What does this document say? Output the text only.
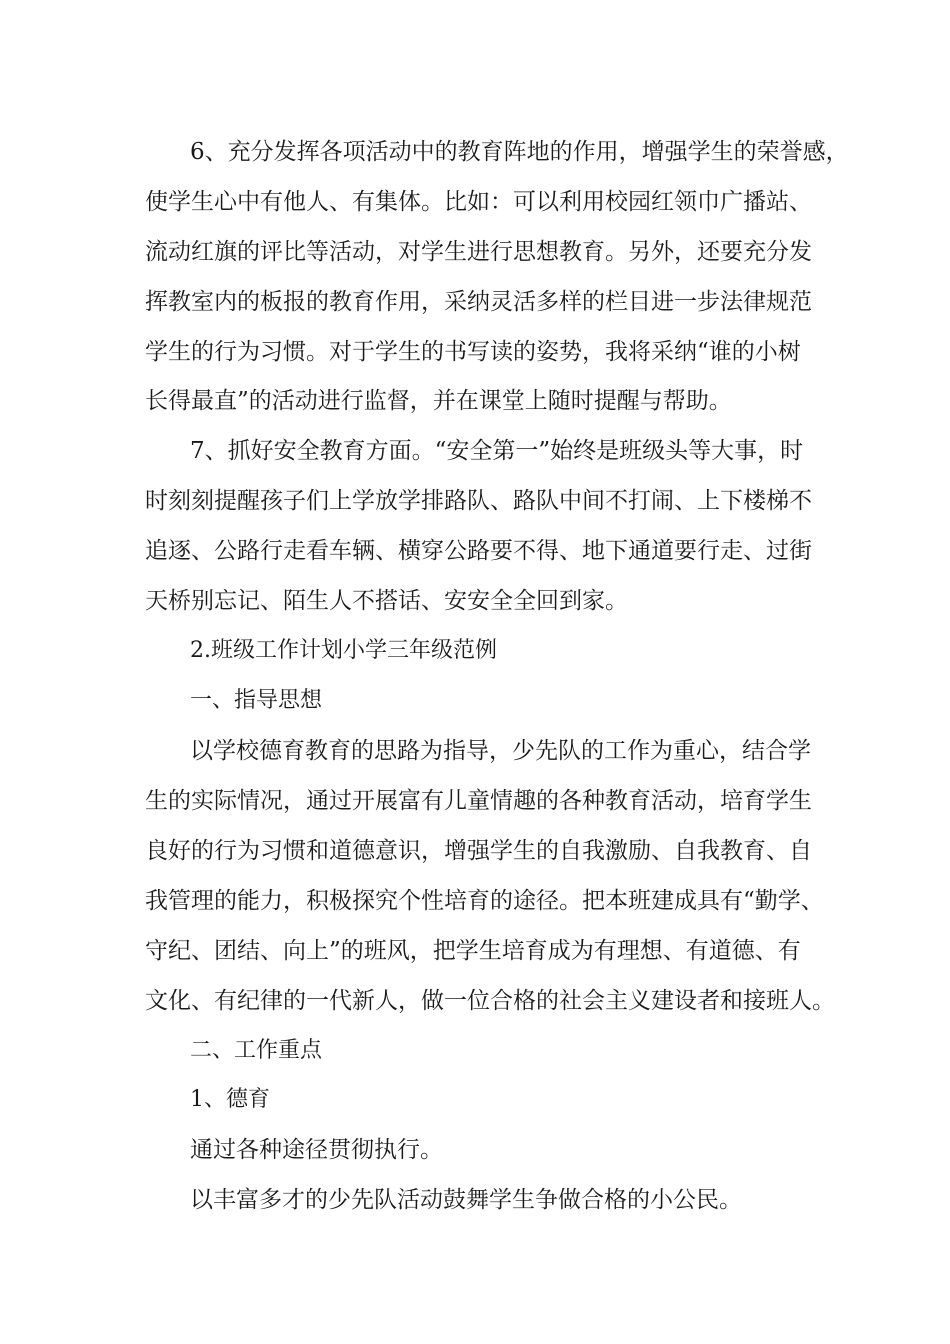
6、充分发挥各项活动中的教育阵地的作用，增强学生的荣誉感，
使学生心中有他人、有集体。比如：可以利用校园红领巾广播站、
流动红旗的评比等活动，对学生进行思想教育。另外，还要充分发
挥教室内的板报的教育作用，采纳灵活多样的栏目进一步法律规范
学生的行为习惯。对于学生的书写读的姿势，我将采纳“谁的小树
长得最直”的活动进行监督，并在课堂上随时提醒与帮助。
7、抓好安全教育方面。“安全第一”始终是班级头等大事，时
时刻刻提醒孩子们上学放学排路队、路队中间不打闹、上下楼梯不
追逐、公路行走看车辆、横穿公路要不得、地下通道要行走、过街
天桥别忘记、陌生人不搭话、安安全全回到家。
2.班级工作计划小学三年级范例
一、指导思想
以学校德育教育的思路为指导，少先队的工作为重心，结合学
生的实际情况，通过开展富有儿童情趣的各种教育活动，培育学生
良好的行为习惯和道德意识，增强学生的自我激励、自我教育、自
我管理的能力，积极探究个性培育的途径。把本班建成具有“勤学、
守纪、团结、向上”的班风，把学生培育成为有理想、有道德、有
文化、有纪律的一代新人，做一位合格的社会主义建设者和接班人。
二、工作重点
1、德育
通过各种途径贯彻执行。
以丰富多才的少先队活动鼓舞学生争做合格的小公民。
